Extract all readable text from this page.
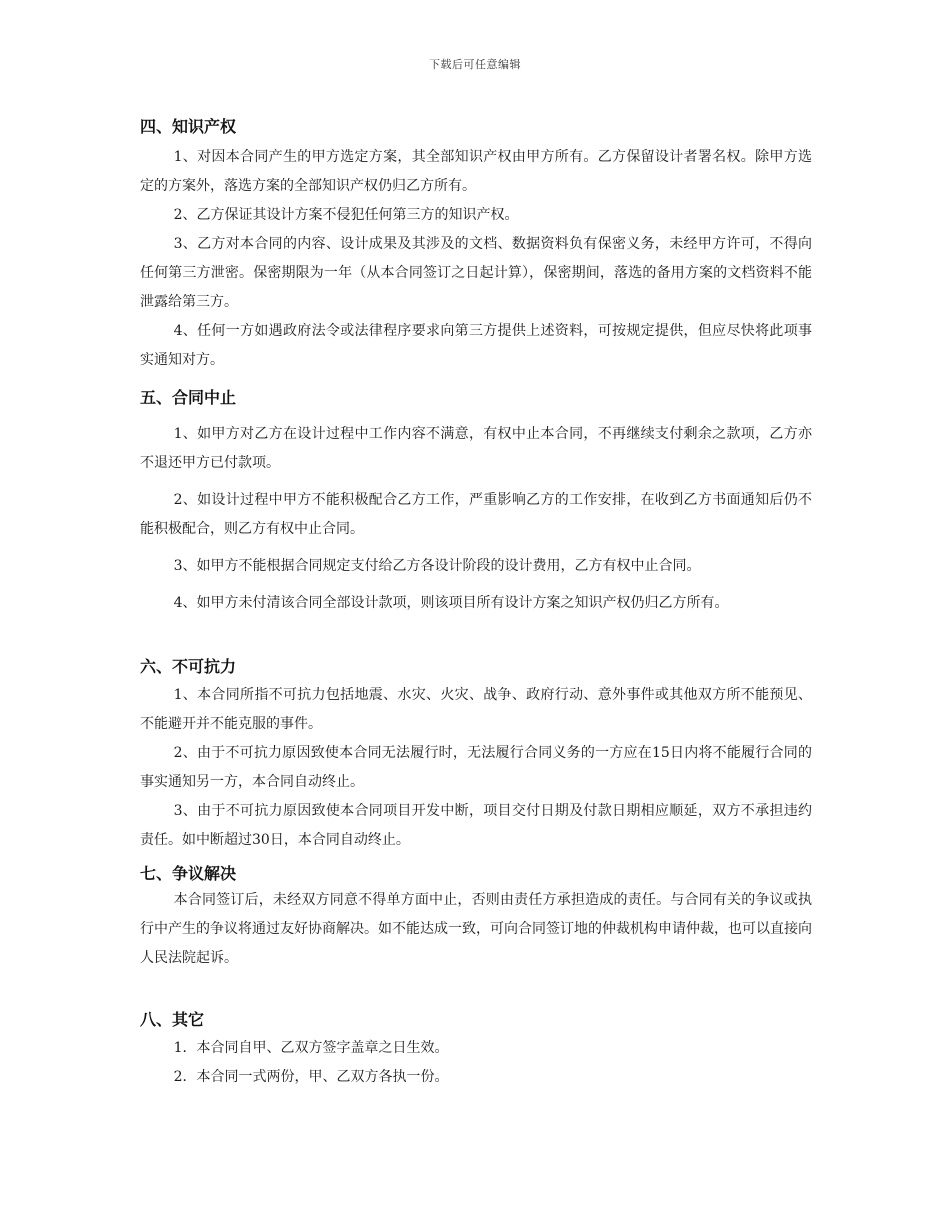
下载后可任意编辑
四、知识产权

1、对因本合同产生的甲方选定方案，其全部知识产权由甲方所有。乙方保留设计者署名权。除甲方选定的方案外，落选方案的全部知识产权仍归乙方所有。

2、乙方保证其设计方案不侵犯任何第三方的知识产权。

3、乙方对本合同的内容、设计成果及其涉及的文档、数据资料负有保密义务，未经甲方许可，不得向任何第三方泄密。保密期限为一年（从本合同签订之日起计算），保密期间，落选的备用方案的文档资料不能泄露给第三方。

4、任何一方如遇政府法令或法律程序要求向第三方提供上述资料，可按规定提供，但应尽快将此项事实通知对方。

五、合同中止

1、如甲方对乙方在设计过程中工作内容不满意，有权中止本合同，不再继续支付剩余之款项，乙方亦不退还甲方已付款项。

2、如设计过程中甲方不能积极配合乙方工作，严重影响乙方的工作安排，在收到乙方书面通知后仍不能积极配合，则乙方有权中止合同。

3、如甲方不能根据合同规定支付给乙方各设计阶段的设计费用，乙方有权中止合同。

4、如甲方未付清该合同全部设计款项，则该项目所有设计方案之知识产权仍归乙方所有。

六、不可抗力

1、本合同所指不可抗力包括地震、水灾、火灾、战争、政府行动、意外事件或其他双方所不能预见、不能避开并不能克服的事件。

2、由于不可抗力原因致使本合同无法履行时，无法履行合同义务的一方应在15日内将不能履行合同的事实通知另一方，本合同自动终止。

3、由于不可抗力原因致使本合同项目开发中断，项目交付日期及付款日期相应顺延，双方不承担违约责任。如中断超过30日，本合同自动终止。

七、争议解决

本合同签订后，未经双方同意不得单方面中止，否则由责任方承担造成的责任。与合同有关的争议或执行中产生的争议将通过友好协商解决。如不能达成一致，可向合同签订地的仲裁机构申请仲裁，也可以直接向人民法院起诉。

八、其它

1．本合同自甲、乙双方签字盖章之日生效。

2．本合同一式两份，甲、乙双方各执一份。
